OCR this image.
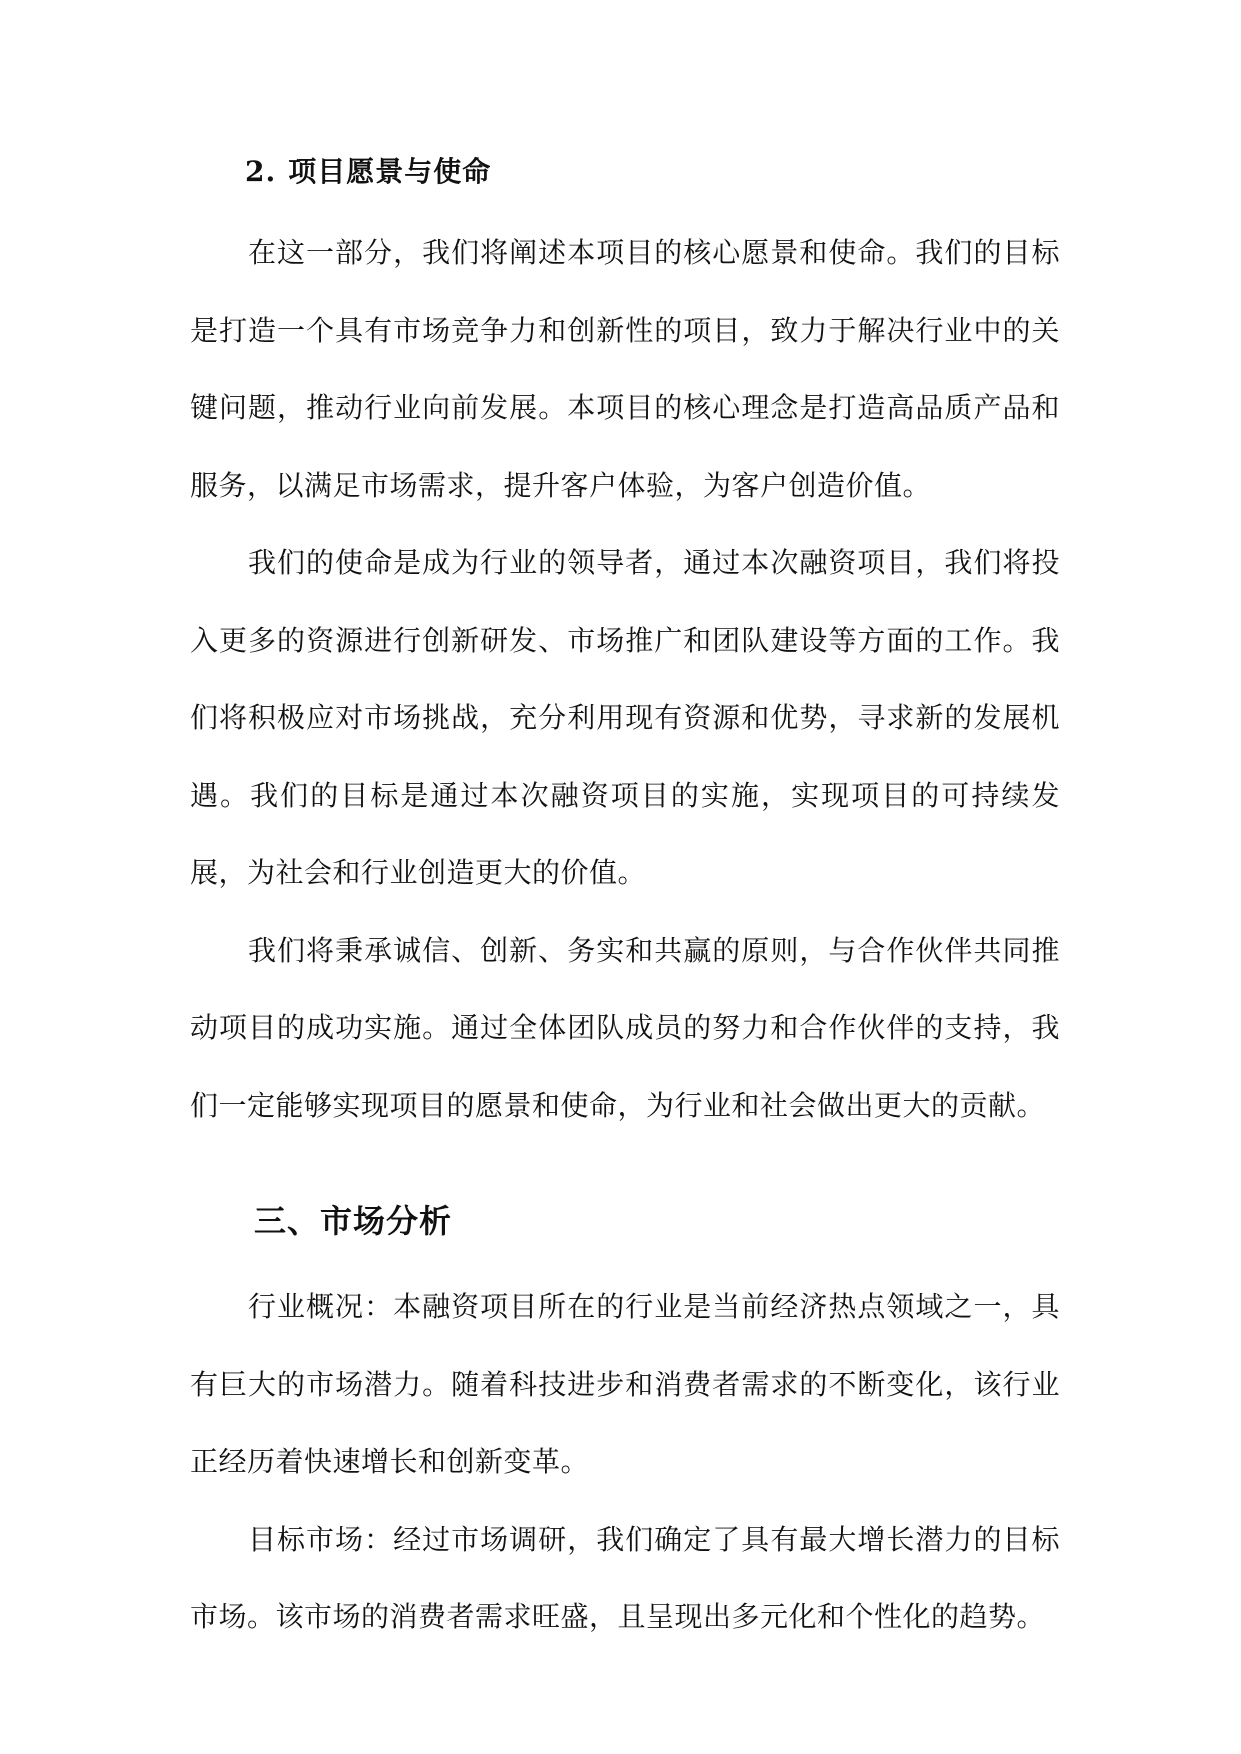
2. 项目愿景与使命

在这一部分，我们将阐述本项目的核心愿景和使命。我们的目标是打造一个具有市场竞争力和创新性的项目，致力于解决行业中的关键问题，推动行业向前发展。本项目的核心理念是打造高品质产品和服务，以满足市场需求，提升客户体验，为客户创造价值。

我们的使命是成为行业的领导者，通过本次融资项目，我们将投入更多的资源进行创新研发、市场推广和团队建设等方面的工作。我们将积极应对市场挑战，充分利用现有资源和优势，寻求新的发展机遇。我们的目标是通过本次融资项目的实施，实现项目的可持续发展，为社会和行业创造更大的价值。

我们将秉承诚信、创新、务实和共赢的原则，与合作伙伴共同推动项目的成功实施。通过全体团队成员的努力和合作伙伴的支持，我们一定能够实现项目的愿景和使命，为行业和社会做出更大的贡献。

三、市场分析

行业概况：本融资项目所在的行业是当前经济热点领域之一，具有巨大的市场潜力。随着科技进步和消费者需求的不断变化，该行业正经历着快速增长和创新变革。

目标市场：经过市场调研，我们确定了具有最大增长潜力的目标市场。该市场的消费者需求旺盛，且呈现出多元化和个性化的趋势。
